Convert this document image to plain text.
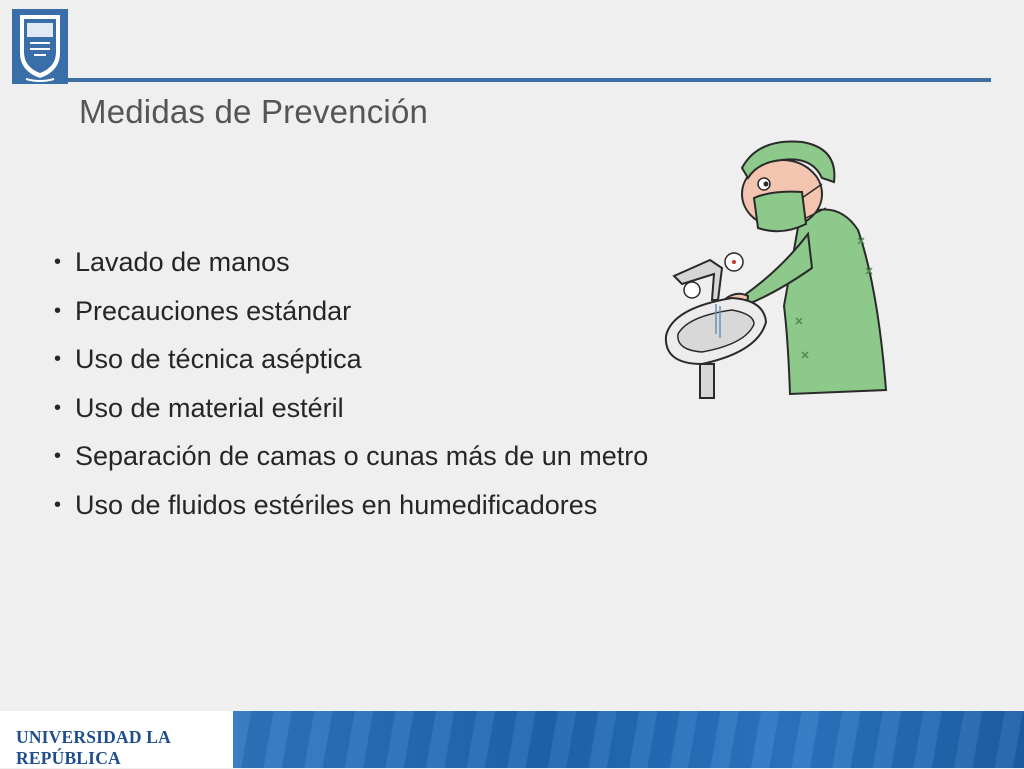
Medidas de Prevención
• Lavado de manos
• Precauciones estándar
• Uso de técnica aséptica
• Uso de material estéril
• Separación de camas o cunas más de un metro
• Uso de fluidos estériles en humedificadores
UNIVERSIDAD LA REPÚBLICA
